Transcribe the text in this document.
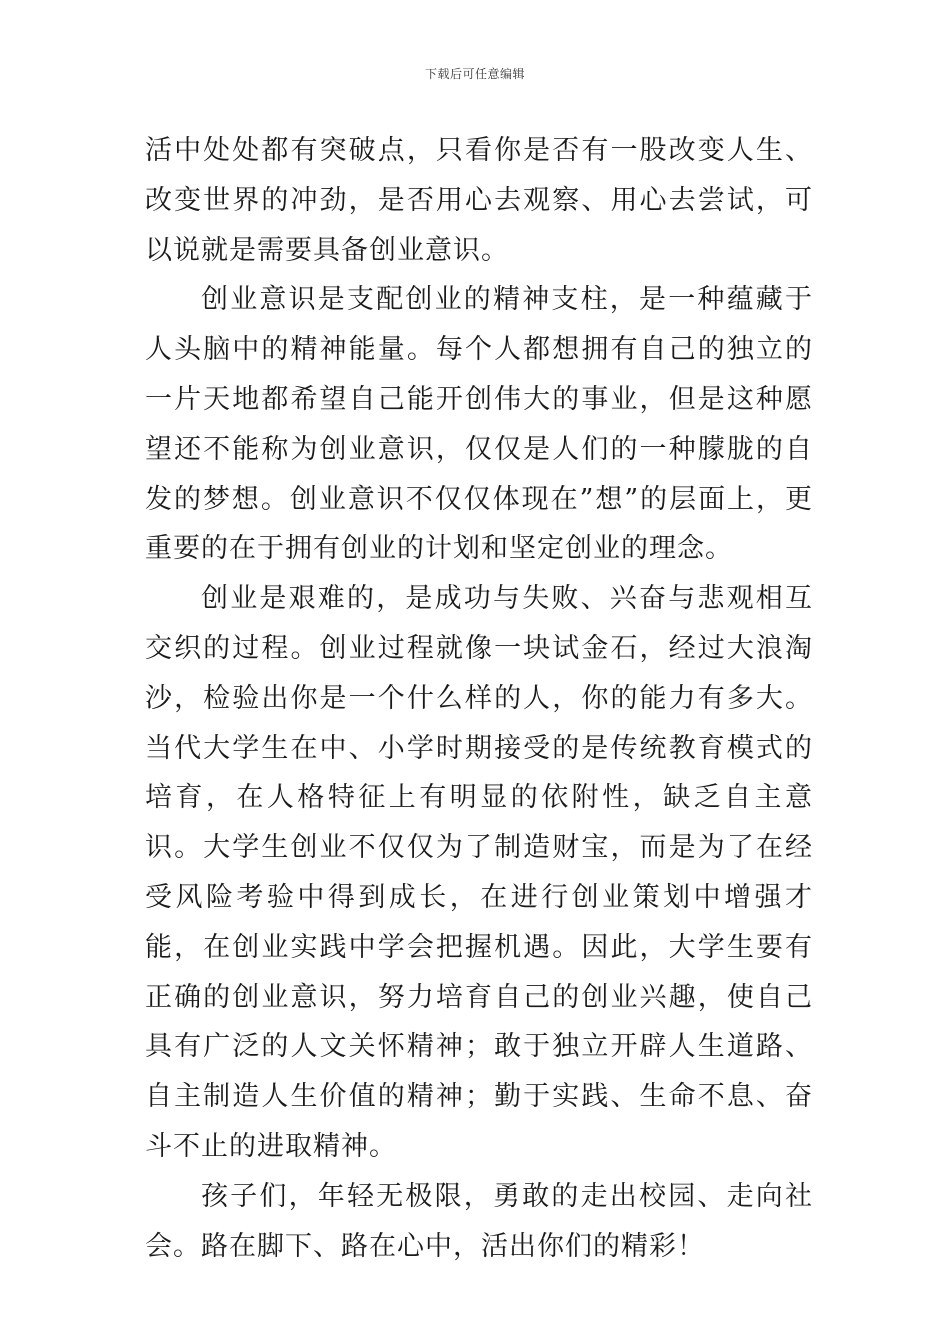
下载后可任意编辑

活中处处都有突破点，只看你是否有一股改变人生、改变世界的冲劲，是否用心去观察、用心去尝试，可以说就是需要具备创业意识。

创业意识是支配创业的精神支柱，是一种蕴藏于人头脑中的精神能量。每个人都想拥有自己的独立的一片天地都希望自己能开创伟大的事业，但是这种愿望还不能称为创业意识，仅仅是人们的一种朦胧的自发的梦想。创业意识不仅仅体现在”想”的层面上，更重要的在于拥有创业的计划和坚定创业的理念。

创业是艰难的，是成功与失败、兴奋与悲观相互交织的过程。创业过程就像一块试金石，经过大浪淘沙，检验出你是一个什么样的人，你的能力有多大。当代大学生在中、小学时期接受的是传统教育模式的培育，在人格特征上有明显的依附性，缺乏自主意识。大学生创业不仅仅为了制造财宝，而是为了在经受风险考验中得到成长，在进行创业策划中增强才能，在创业实践中学会把握机遇。因此，大学生要有正确的创业意识，努力培育自己的创业兴趣，使自己具有广泛的人文关怀精神；敢于独立开辟人生道路、自主制造人生价值的精神；勤于实践、生命不息、奋斗不止的进取精神。

孩子们，年轻无极限，勇敢的走出校园、走向社会。路在脚下、路在心中，活出你们的精彩！
